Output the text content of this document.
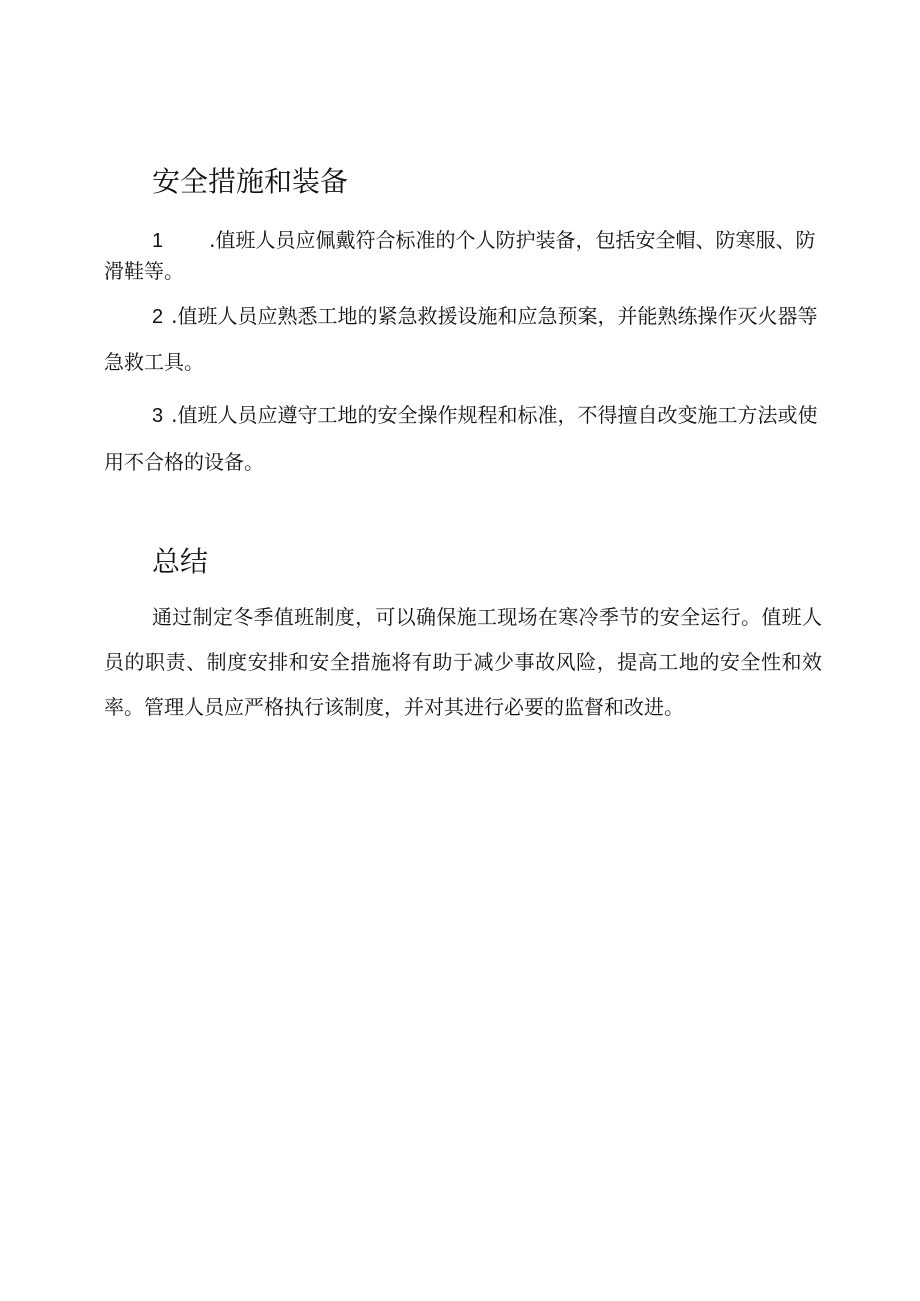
安全措施和装备

1 .值班人员应佩戴符合标准的个人防护装备，包括安全帽、防寒服、防滑鞋等。

2 .值班人员应熟悉工地的紧急救援设施和应急预案，并能熟练操作灭火器等急救工具。

3 .值班人员应遵守工地的安全操作规程和标准，不得擅自改变施工方法或使用不合格的设备。

总结

通过制定冬季值班制度，可以确保施工现场在寒冷季节的安全运行。值班人员的职责、制度安排和安全措施将有助于减少事故风险，提高工地的安全性和效率。管理人员应严格执行该制度，并对其进行必要的监督和改进。
